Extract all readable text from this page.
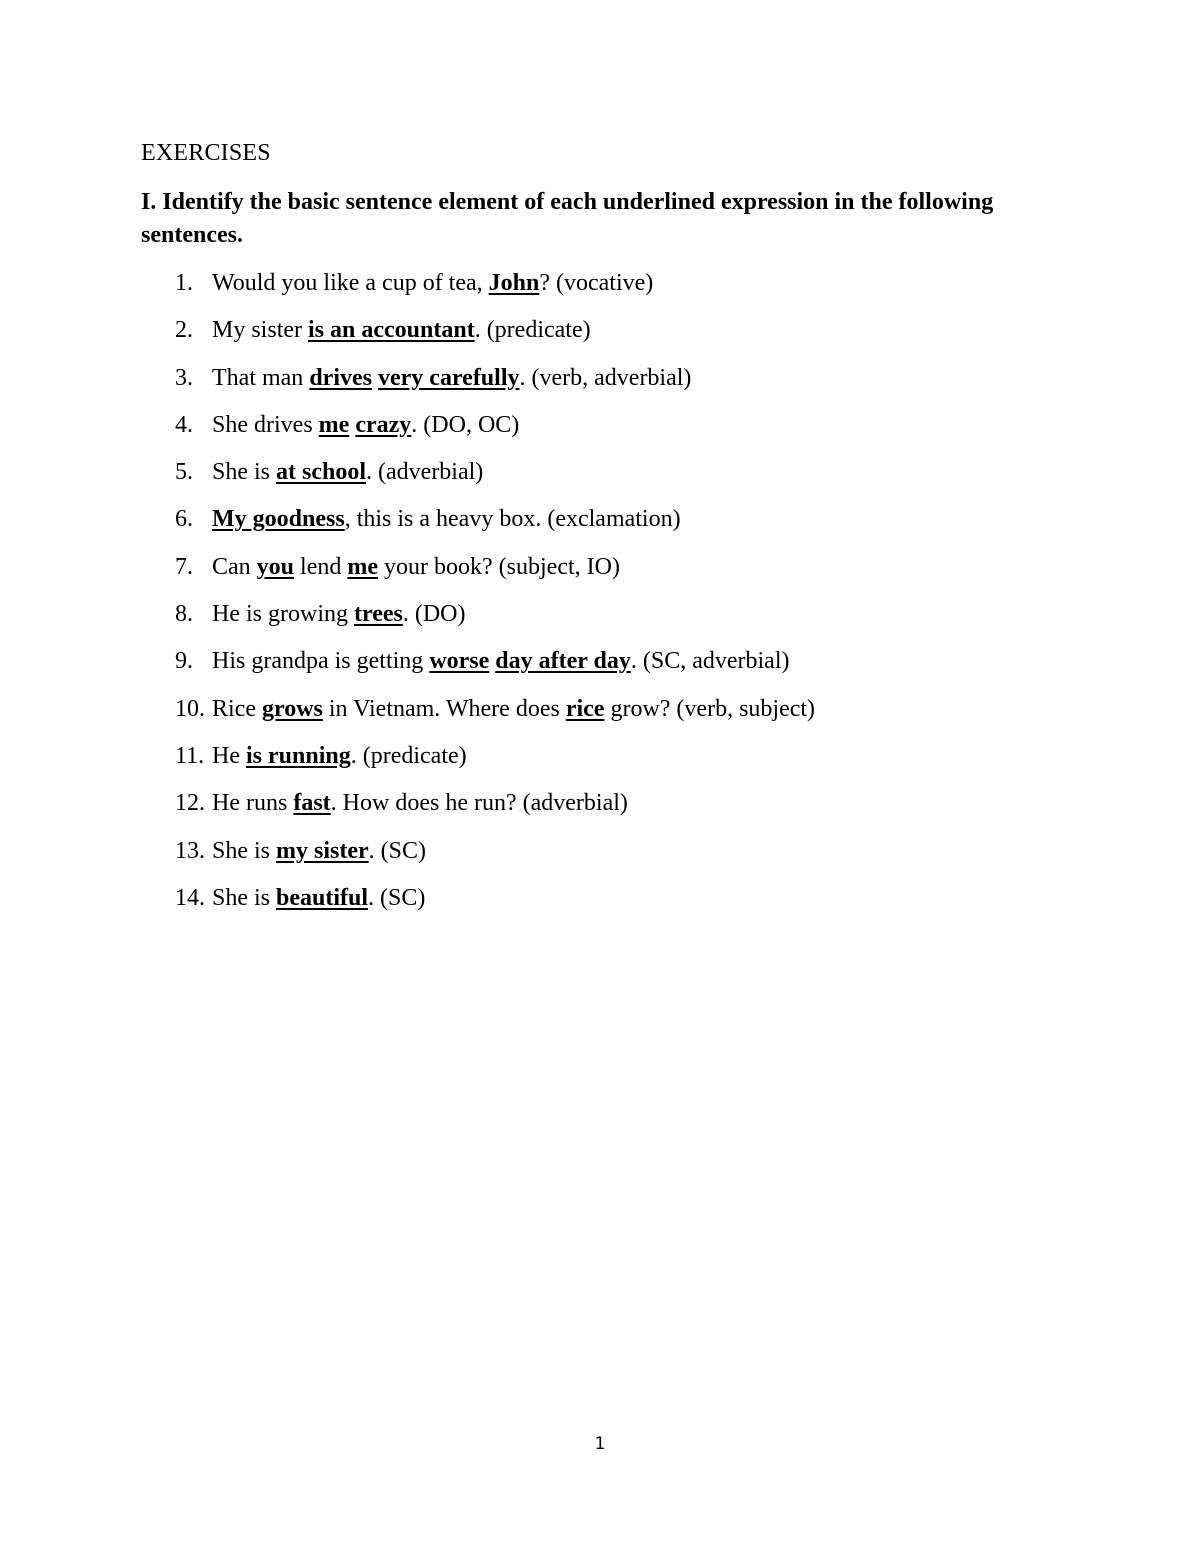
EXERCISES
I. Identify the basic sentence element of each underlined expression in the following sentences.
1. Would you like a cup of tea, John? (vocative)
2. My sister is an accountant. (predicate)
3. That man drives very carefully. (verb, adverbial)
4. She drives me crazy. (DO, OC)
5. She is at school. (adverbial)
6. My goodness, this is a heavy box. (exclamation)
7. Can you lend me your book? (subject, IO)
8. He is growing trees. (DO)
9. His grandpa is getting worse day after day. (SC, adverbial)
10. Rice grows in Vietnam. Where does rice grow? (verb, subject)
11. He is running. (predicate)
12. He runs fast. How does he run? (adverbial)
13. She is my sister. (SC)
14. She is beautiful. (SC)
1
